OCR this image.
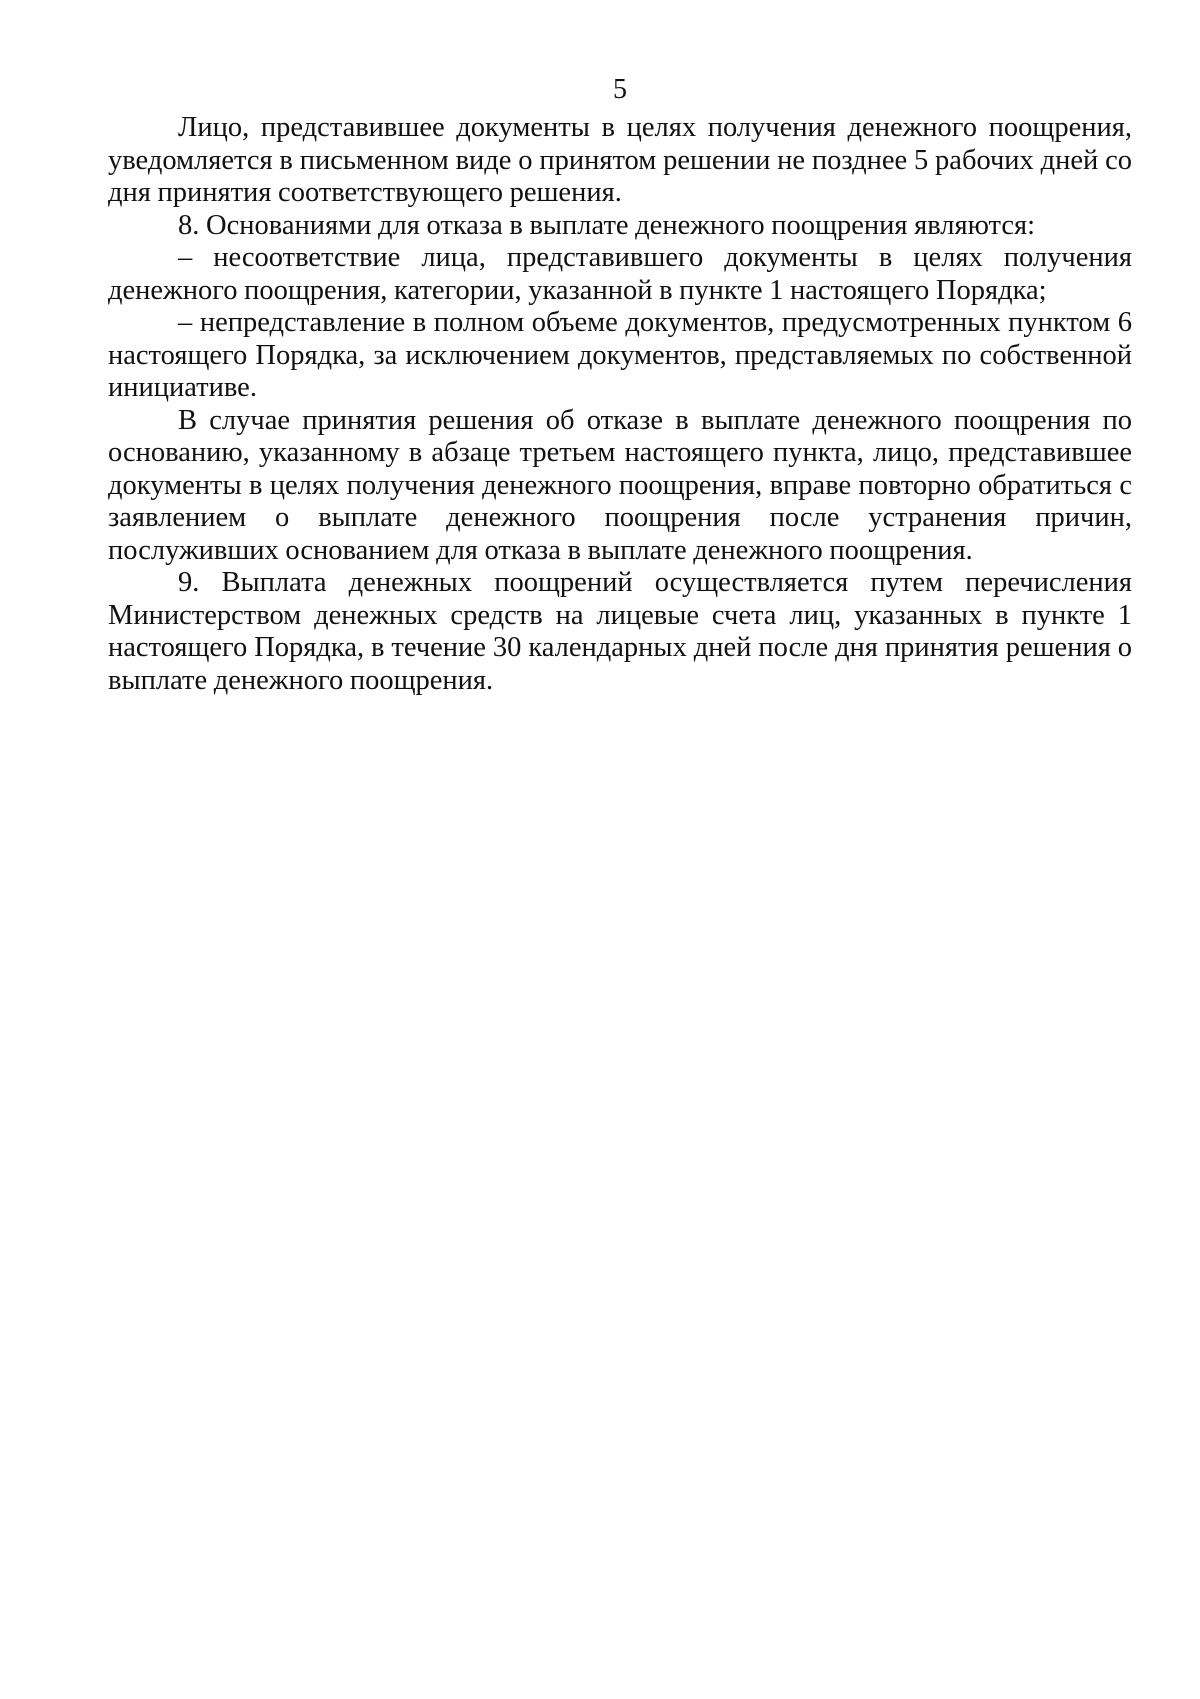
5

Лицо, представившее документы в целях получения денежного поощрения, уведомляется в письменном виде о принятом решении не позднее 5 рабочих дней со дня принятия соответствующего решения.

8. Основаниями для отказа в выплате денежного поощрения являются:

– несоответствие лица, представившего документы в целях получения денежного поощрения, категории, указанной в пункте 1 настоящего Порядка;

– непредставление в полном объеме документов, предусмотренных пунктом 6 настоящего Порядка, за исключением документов, представляемых по собственной инициативе.

В случае принятия решения об отказе в выплате денежного поощрения по основанию, указанному в абзаце третьем настоящего пункта, лицо, представившее документы в целях получения денежного поощрения, вправе повторно обратиться с заявлением о выплате денежного поощрения после устранения причин, послуживших основанием для отказа в выплате денежного поощрения.

9. Выплата денежных поощрений осуществляется путем перечисления Министерством денежных средств на лицевые счета лиц, указанных в пункте 1 настоящего Порядка, в течение 30 календарных дней после дня принятия решения о выплате денежного поощрения.
